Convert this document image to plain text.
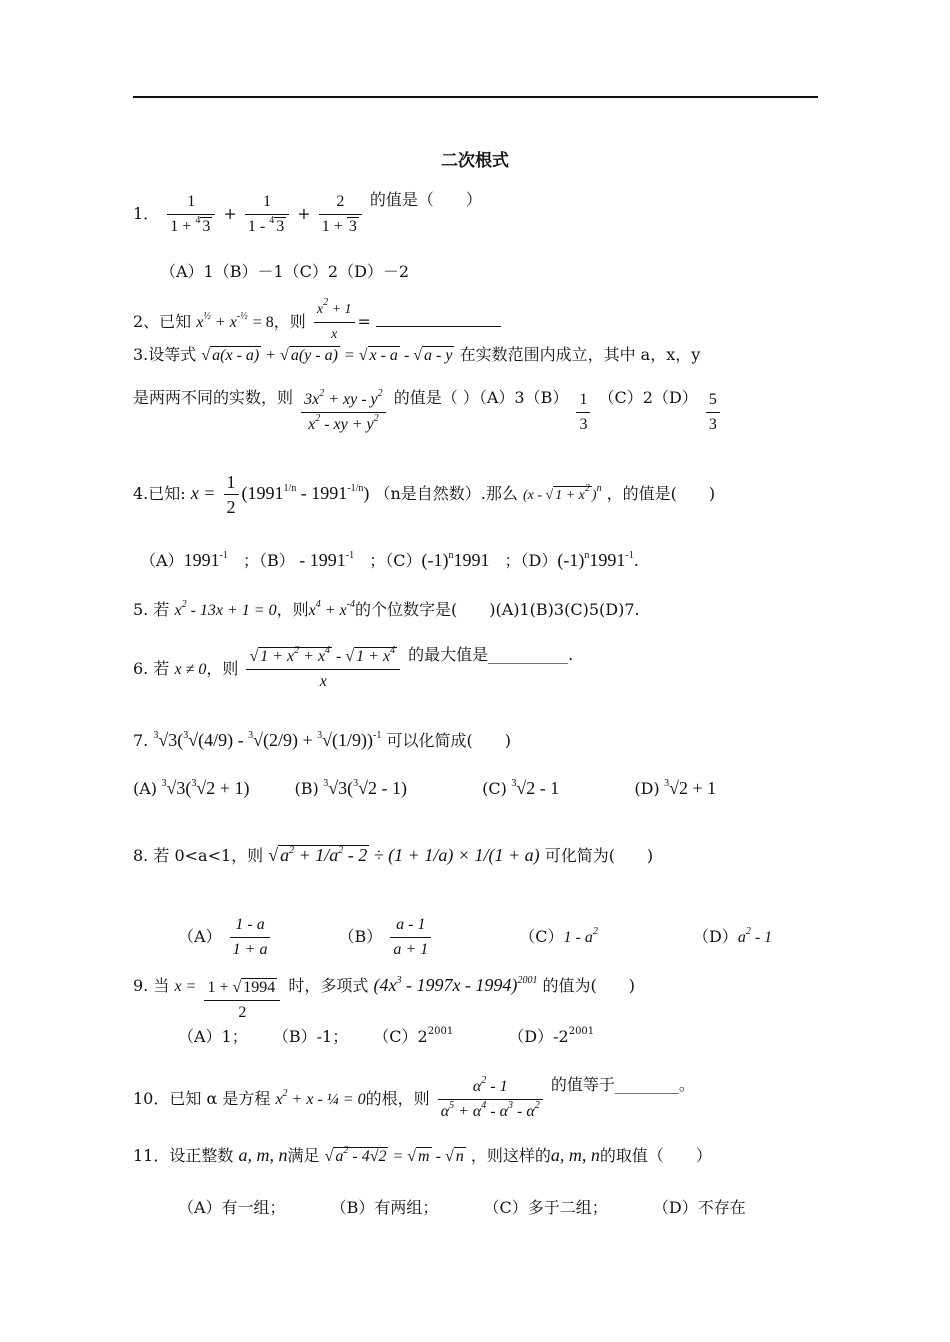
二次根式
1． $\frac{1}{1 + ^4 3} + \frac{1}{1 - ^4 3} + \frac{2}{1 + 3}$ 的值是（　　）
（A）1（B）－1（C）2（D）－2
2、已知 $x^{\frac{1}{2}} + x^{-\frac{1}{2}} = 8$，则 $\frac{x^2 + 1}{x}$ =
3.设等式 √ a(x - a) + √ a(y - a) = √ x - a - √ a - y 在实数范围内成立，其中 a，x，y
是两两不同的实数，则 $\frac{3x^2 + xy - y^2}{x^2 - xy + y^2}$ 的值是（ ）$(A)3(B) \frac{1}{3} (C)2(D) \frac{5}{3}$
4.已知: $x = \frac{1}{2} (1991^{1/n} - 1991^{-1/n})$ （n是自然数）.那么 (x - √ $1 + x^2$ )$^n$ ，的值是(　　)
$(A)1991^{-1}$ ；$(B) - 1991^{-1}$ ；$(C)(-1)^n1991$ ；$(D)(-1)^n1991^{-1}$.
5. 若 $x^2 - 13x + 1 = 0$，则$x^4 + x^{-4}$的个位数字是(　　)(A)1(B)3(C)5(D)7.
6. 若 x ≠ 0，则 $\frac{√ 1 + x^2 + x^4 - √ 1 + x^4}{x}$ 的最大值是__________.
7. $^3√3(^3√(4/9) - ^3√(2/9) + ^3√(1/9))^{-1}$ 可以化简成(　　)
(A) $^3$√3($^3$√2 + 1)	(B) $^3$√3($^3$√2 - 1)	(C) $^3$√2 - 1	(D) $^3$√2 + 1
8. 若 0<a<1，则 √ $a^2 + 1/a^2 - 2 \div (1 + 1/a) \times 1/(1 + a)$ 可化简为(　　)
$(A) \frac{1 - a}{1 + a}$	$(B) \frac{a - 1}{a + 1}$	$(C)1 - a^2$	$(D)a^2 - 1$
9. 当 $x = \frac{1 + √ 1994}{2}$ 时，多项式 $(4x^3 - 1997x - 1994)^{2001}$ 的值为(　　)
（A）1； （B）-1； $(C)2^{2001}$	$(D)-2^{2001}$
10．已知 α 是方程 $x^2 + x$ - ¼ = 0的根，则 $\frac{\alpha^2 - 1}{\alpha^5 + \alpha^4 - \alpha^3 - \alpha^2}$ 的值等于________。
11．设正整数 a, m, n满足 √ $a^2 - 4√2$ = √ m - √ n ，则这样的a, m, n的取值（　　）
（A）有一组；	（B）有两组；	（C）多于二组；	（D）不存在
